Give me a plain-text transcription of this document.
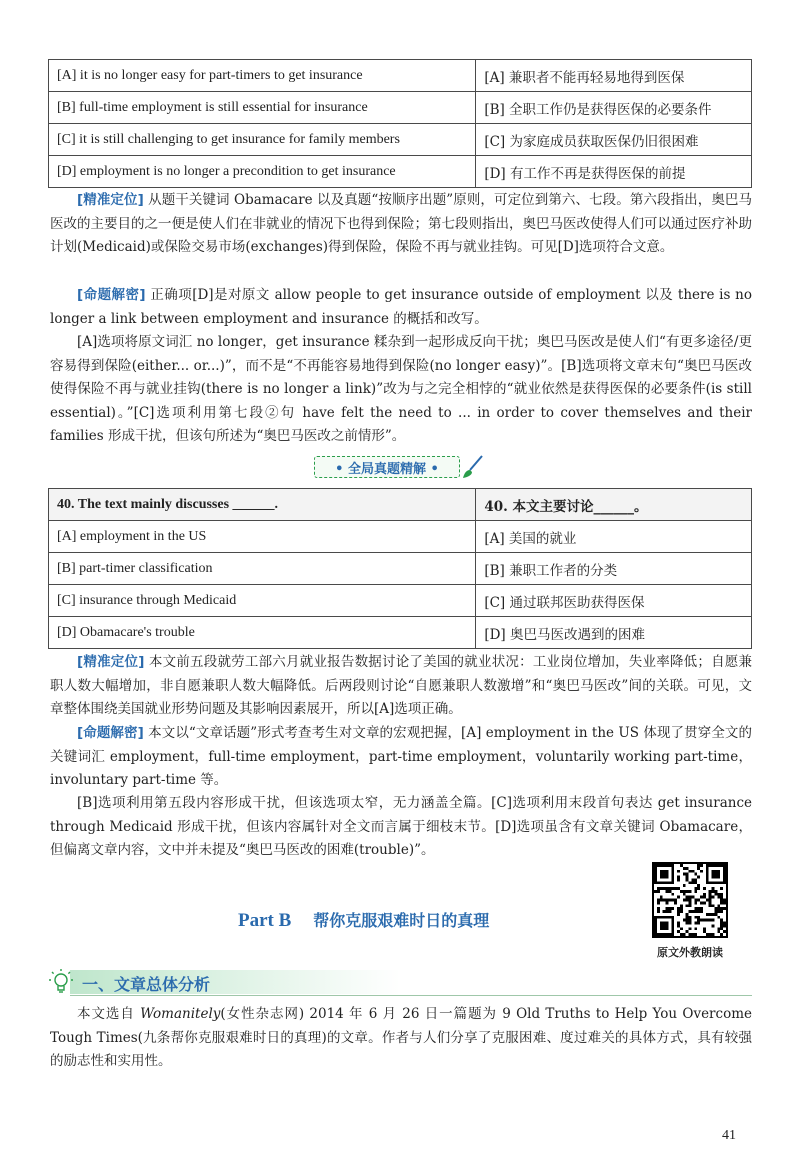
[A] it is no longer easy for part-timers to get insurance	[A] 兼职者不能再轻易地得到医保
[B] full-time employment is still essential for insurance	[B] 全职工作仍是获得医保的必要条件
[C] it is still challenging to get insurance for family members	[C] 为家庭成员获取医保仍旧很困难
[D] employment is no longer a precondition to get insurance	[D] 有工作不再是获得医保的前提

[精准定位] 从题干关键词 Obamacare 以及真题“按顺序出题”原则，可定位到第六、七段。第六段指出，奥巴马医改的主要目的之一便是使人们在非就业的情况下也得到保险；第七段则指出，奥巴马医改使得人们可以通过医疗补助计划(Medicaid)或保险交易市场(exchanges)得到保险，保险不再与就业挂钩。可见[D]选项符合文意。

[命题解密] 正确项[D]是对原文 allow people to get insurance outside of employment 以及 there is no longer a link between employment and insurance 的概括和改写。

[A]选项将原文词汇 no longer，get insurance 糅杂到一起形成反向干扰；奥巴马医改是使人们“有更多途径/更容易得到保险(either... or...)”，而不是“不再能容易地得到保险(no longer easy)”。[B]选项将文章末句“奥巴马医改使得保险不再与就业挂钩(there is no longer a link)”改为与之完全相悖的“就业依然是获得医保的必要条件(is still essential)。”[C]选项利用第七段②句 have felt the need to ... in order to cover themselves and their families 形成干扰，但该句所述为“奥巴马医改之前情形”。

• 全局真题精解 •
40. The text mainly discusses ______.	40. 本文主要讨论______。
[A] employment in the US	[A] 美国的就业
[B] part-timer classification	[B] 兼职工作者的分类
[C] insurance through Medicaid	[C] 通过联邦医助获得医保
[D] Obamacare's trouble	[D] 奥巴马医改遇到的困难

[精准定位] 本文前五段就劳工部六月就业报告数据讨论了美国的就业状况：工业岗位增加，失业率降低；自愿兼职人数大幅增加，非自愿兼职人数大幅降低。后两段则讨论“自愿兼职人数激增”和“奥巴马医改”间的关联。可见，文章整体围绕美国就业形势问题及其影响因素展开，所以[A]选项正确。

[命题解密] 本文以“文章话题”形式考查考生对文章的宏观把握，[A] employment in the US 体现了贯穿全文的关键词汇 employment，full-time employment，part-time employment，voluntarily working part-time，involuntary part-time 等。

[B]选项利用第五段内容形成干扰，但该选项太窄，无力涵盖全篇。[C]选项利用末段首句表达 get insurance through Medicaid 形成干扰，但该内容属针对全文而言属于细枝末节。[D]选项虽含有文章关键词 Obamacare，但偏离文章内容，文中并未提及“奥巴马医改的困难(trouble)”。

Part B 帮你克服艰难时日的真理
原文外教朗读
一、文章总体分析

本文选自 Womanitely(女性杂志网) 2014 年 6 月 26 日一篇题为 9 Old Truths to Help You Overcome Tough Times(九条帮你克服艰难时日的真理)的文章。作者与人们分享了克服困难、度过难关的具体方式，具有较强的励志性和实用性。

41
